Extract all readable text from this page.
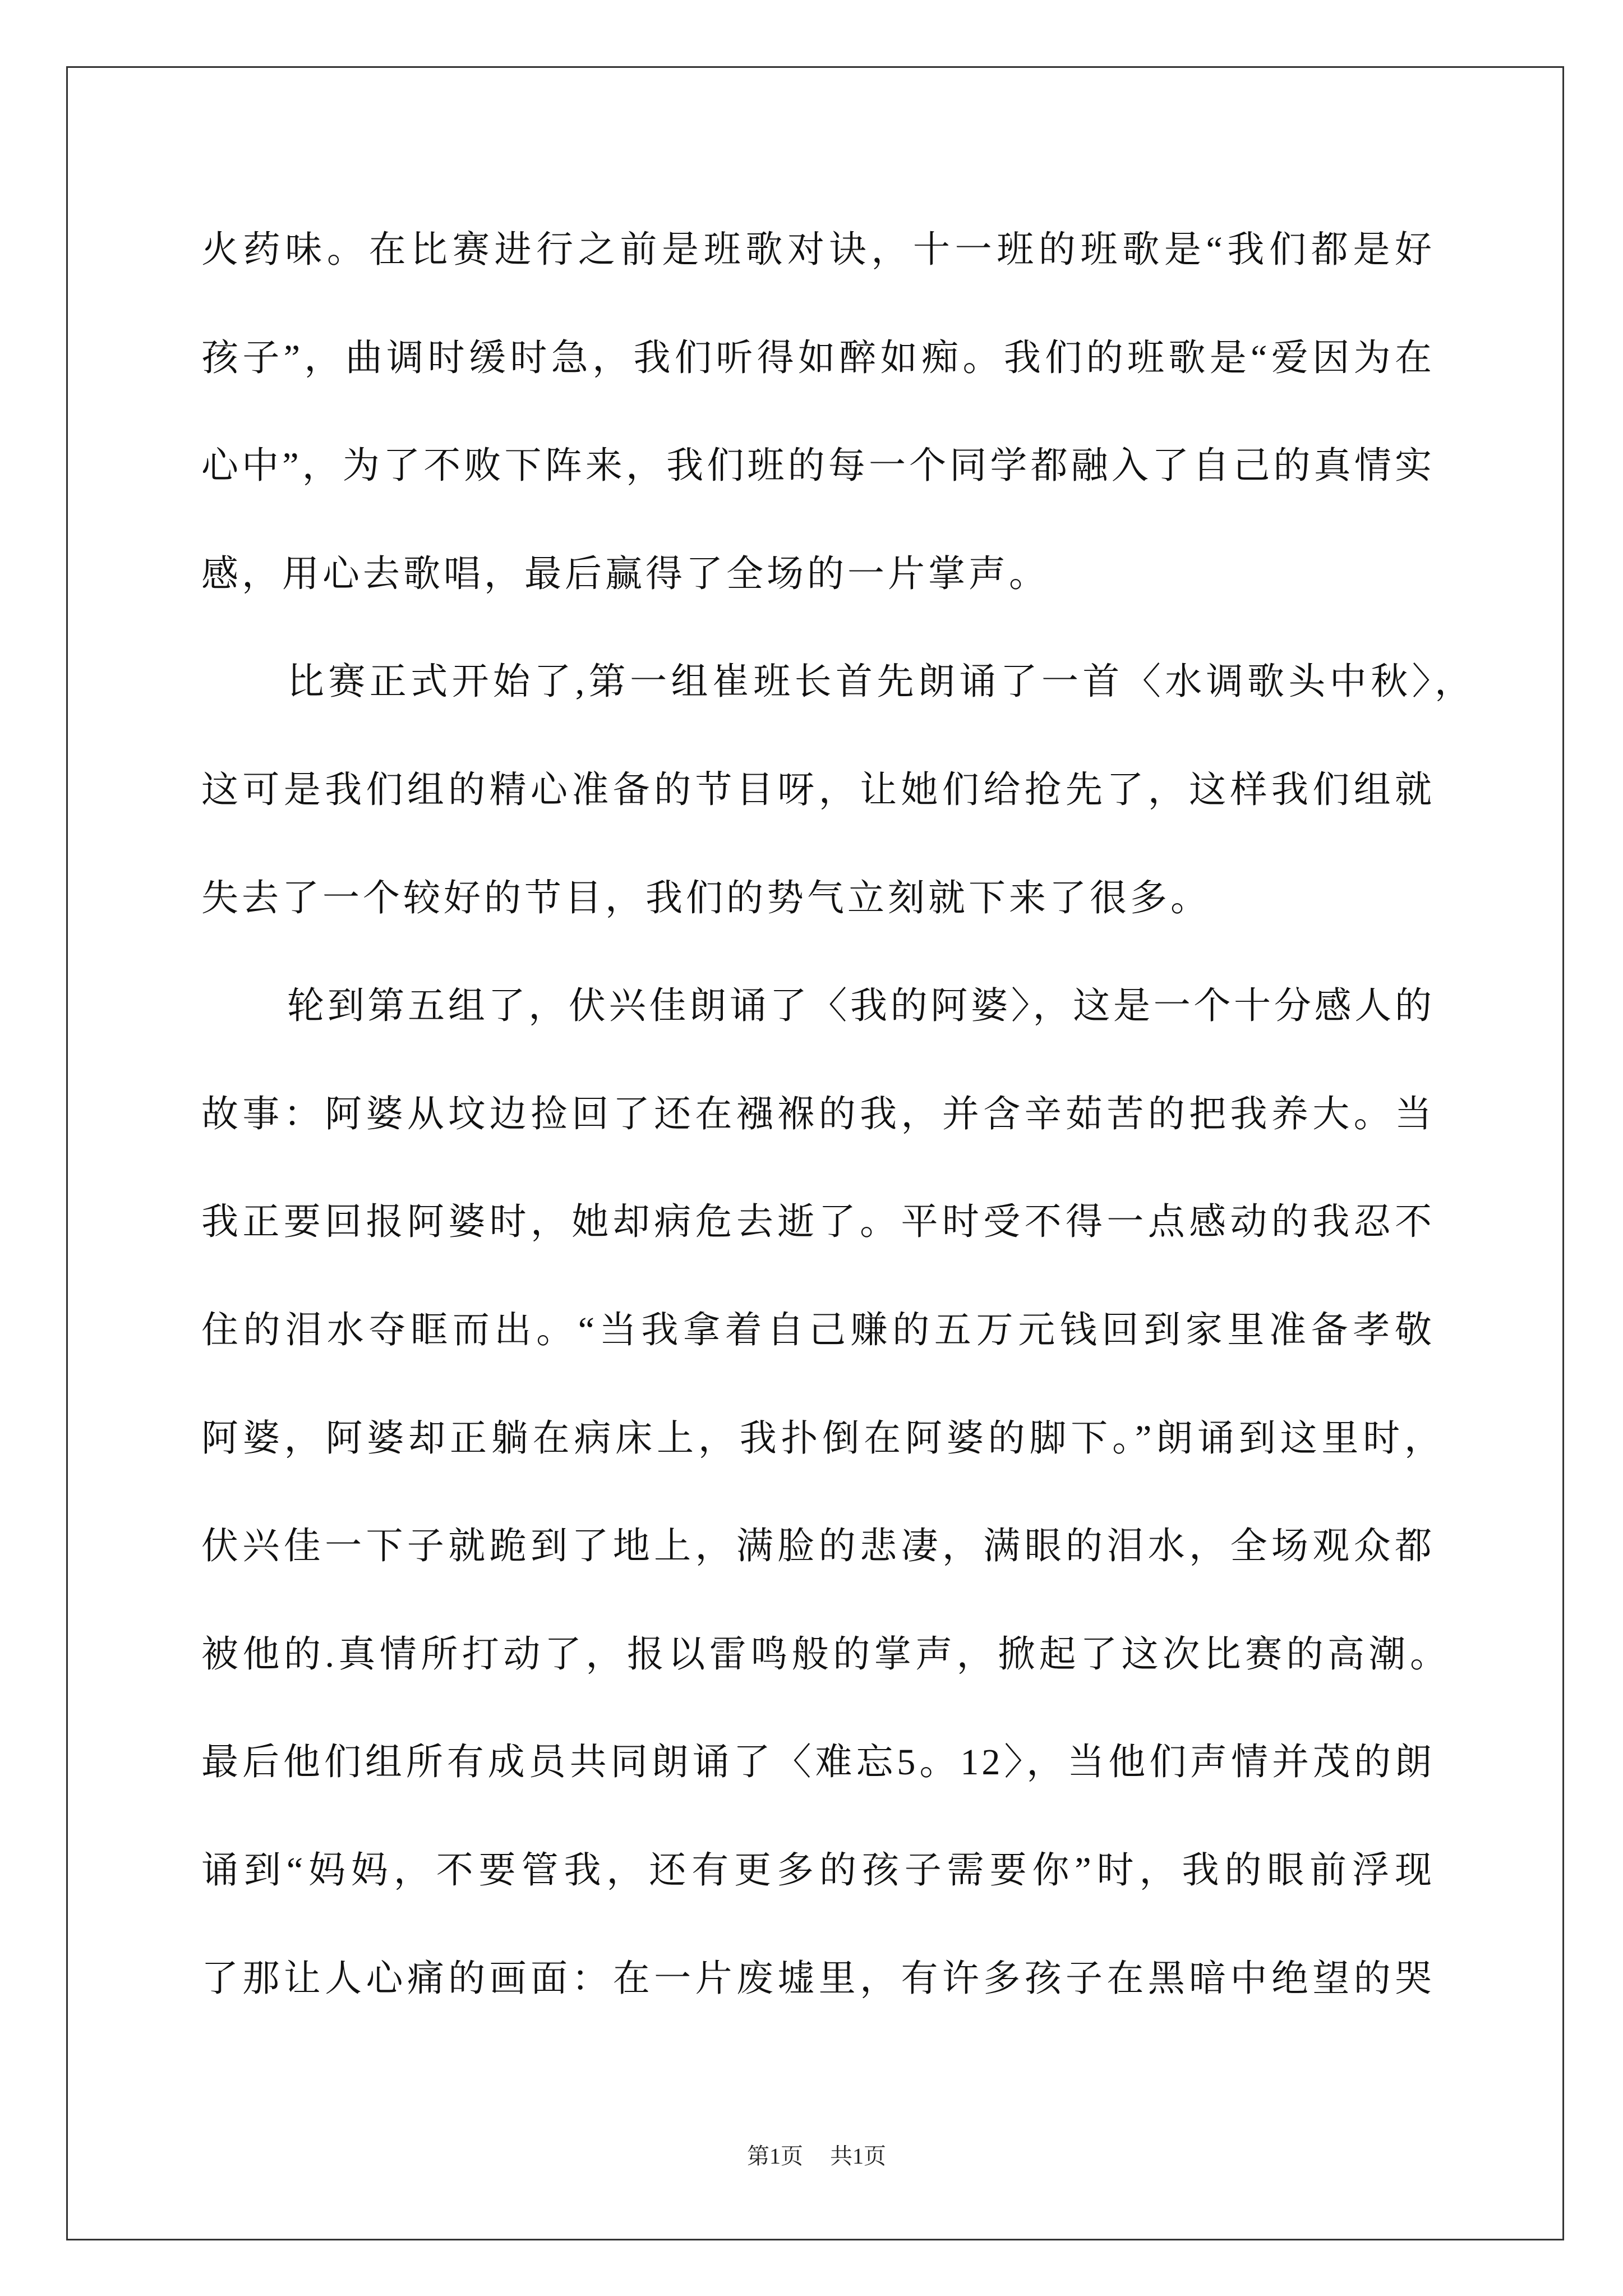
火药味。在比赛进行之前是班歌对诀，十一班的班歌是“我们都是好
孩子”，曲调时缓时急，我们听得如醉如痴。我们的班歌是“爱因为在
心中”，为了不败下阵来，我们班的每一个同学都融入了自己的真情实
感，用心去歌唱，最后赢得了全场的一片掌声。
比赛正式开始了,第一组崔班长首先朗诵了一首〈水调歌头中秋〉，
这可是我们组的精心准备的节目呀，让她们给抢先了，这样我们组就
失去了一个较好的节目，我们的势气立刻就下来了很多。
轮到第五组了，伏兴佳朗诵了〈我的阿婆〉，这是一个十分感人的
故事：阿婆从坟边捡回了还在襁褓的我，并含辛茹苦的把我养大。当
我正要回报阿婆时，她却病危去逝了。平时受不得一点感动的我忍不
住的泪水夺眶而出。“当我拿着自己赚的五万元钱回到家里准备孝敬
阿婆，阿婆却正躺在病床上，我扑倒在阿婆的脚下。”朗诵到这里时，
伏兴佳一下子就跪到了地上，满脸的悲凄，满眼的泪水，全场观众都
被他的.真情所打动了，报以雷鸣般的掌声，掀起了这次比赛的高潮。
最后他们组所有成员共同朗诵了〈难忘5。12〉，当他们声情并茂的朗
诵到“妈妈，不要管我，还有更多的孩子需要你”时，我的眼前浮现
了那让人心痛的画面：在一片废墟里，有许多孩子在黑暗中绝望的哭
第1页 共1页
